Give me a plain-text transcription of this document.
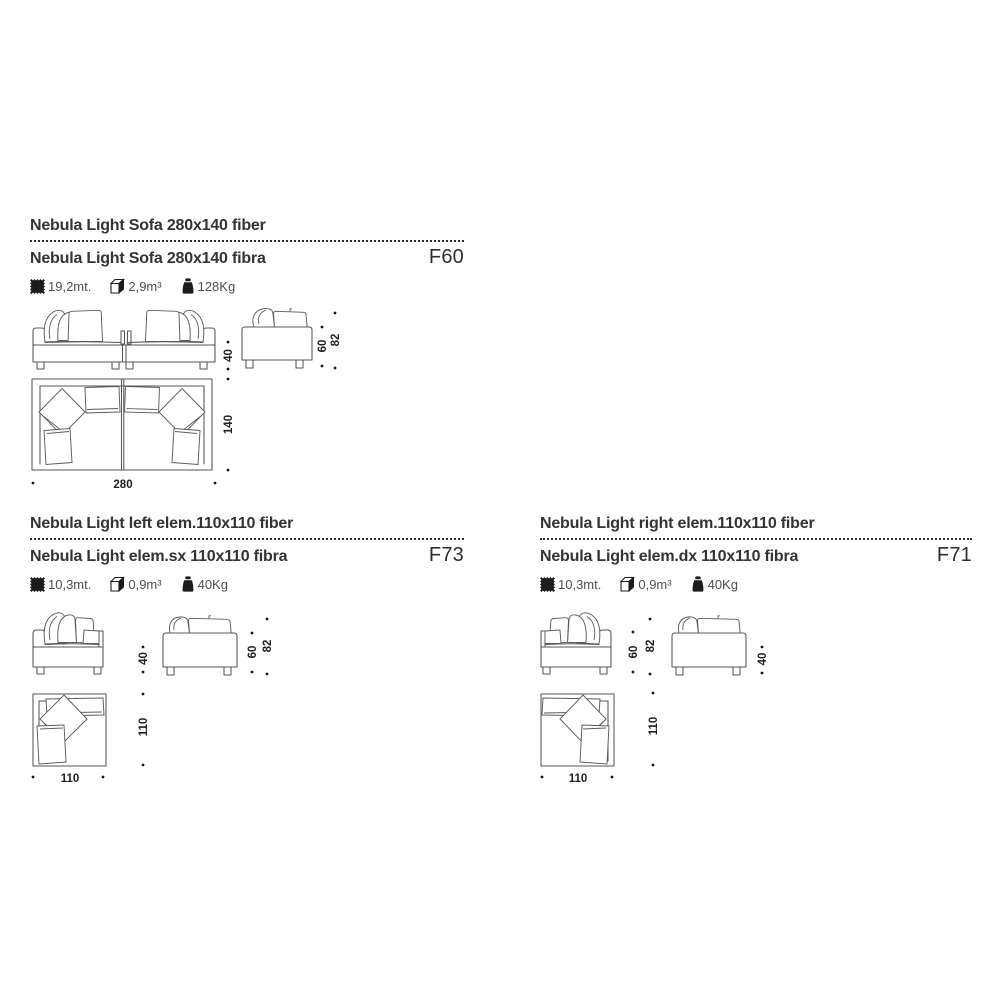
Nebula Light Sofa 280x140 fiber
Nebula Light Sofa 280x140 fibra	F60
19,2mt.	2,9m³	128Kg
40
60 82
140
280
Nebula Light left elem.110x110 fiber
Nebula Light elem.sx 110x110 fibra	F73
10,3mt.	0,9m³	40Kg
40
60 82
110
110
Nebula Light right elem.110x110 fiber
Nebula Light elem.dx 110x110 fibra	F71
10,3mt.	0,9m³	40Kg
60 82
40
110
110
